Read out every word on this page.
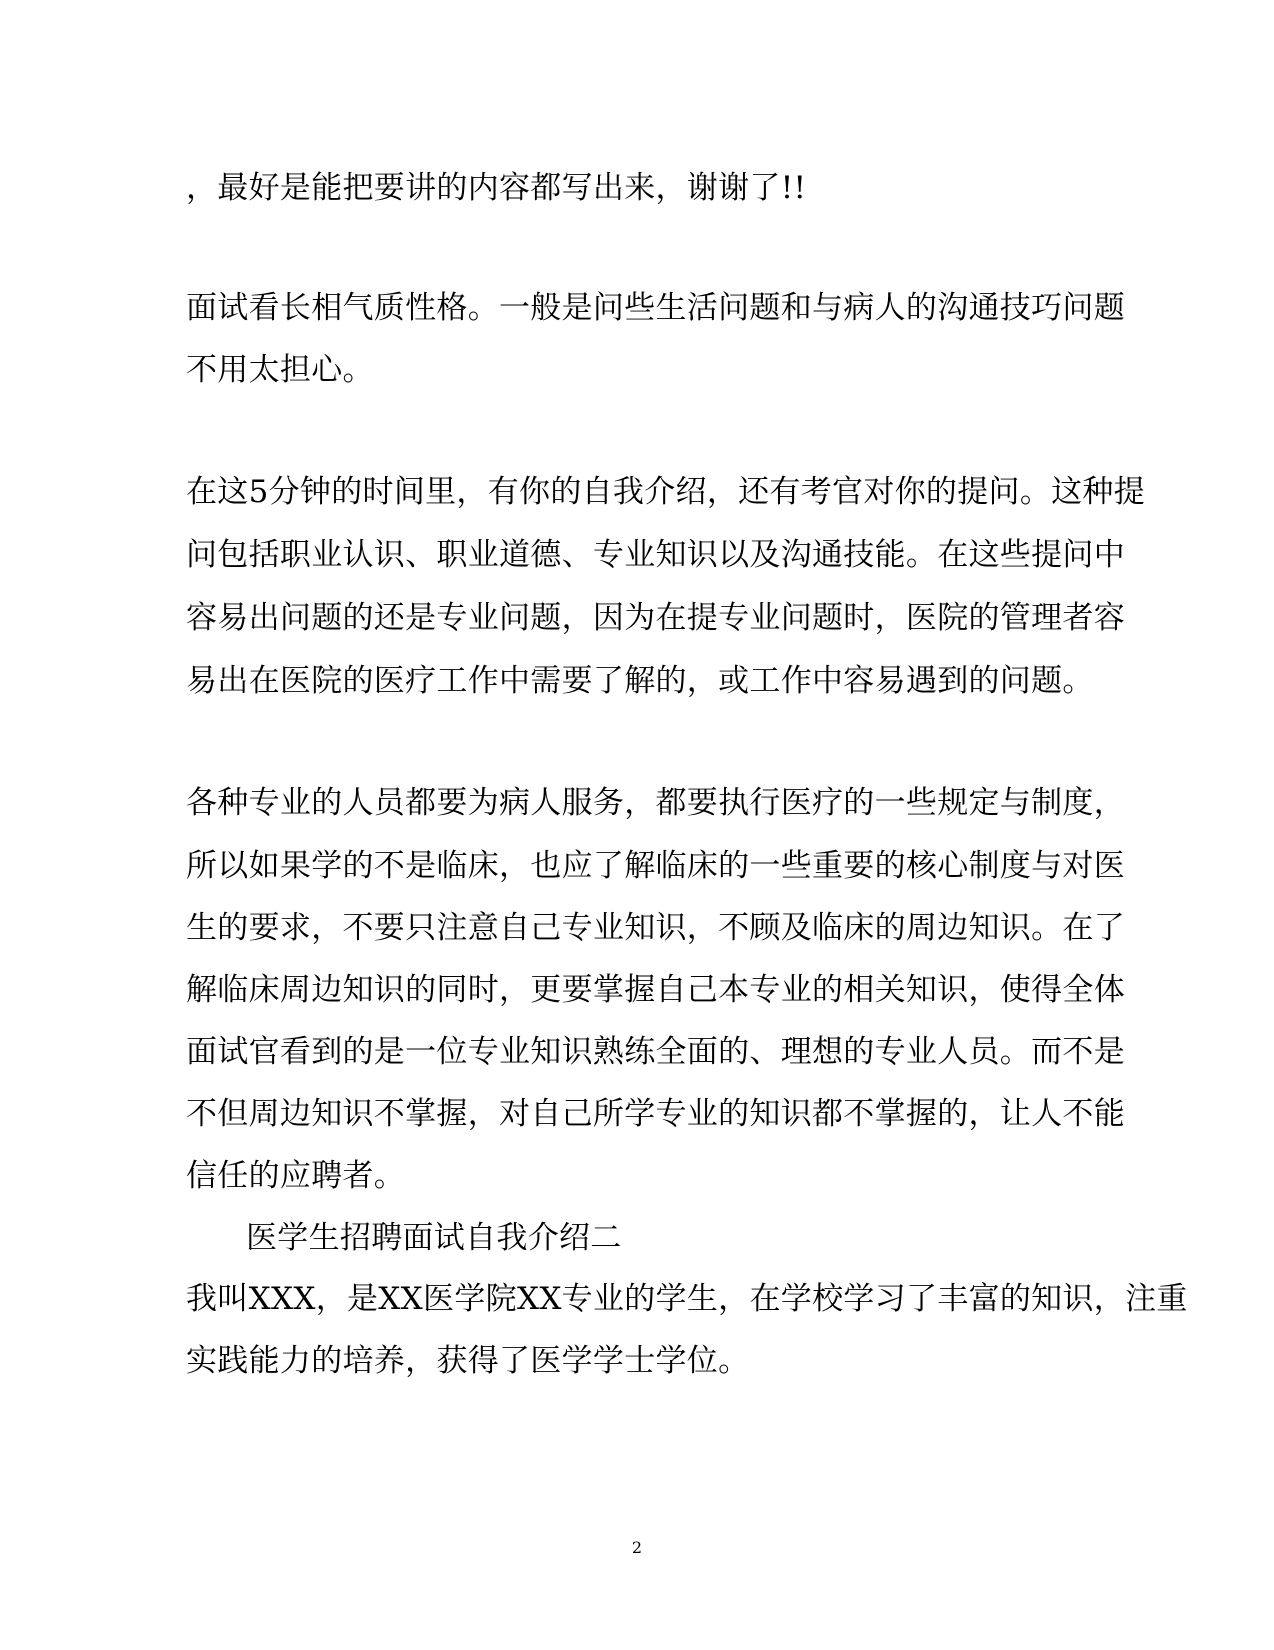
，最好是能把要讲的内容都写出来，谢谢了!!
面试看长相气质性格。一般是问些生活问题和与病人的沟通技巧问题
不用太担心。
在这5分钟的时间里，有你的自我介绍，还有考官对你的提问。这种提
问包括职业认识、职业道德、专业知识以及沟通技能。在这些提问中
容易出问题的还是专业问题，因为在提专业问题时，医院的管理者容
易出在医院的医疗工作中需要了解的，或工作中容易遇到的问题。
各种专业的人员都要为病人服务，都要执行医疗的一些规定与制度，
所以如果学的不是临床，也应了解临床的一些重要的核心制度与对医
生的要求，不要只注意自己专业知识，不顾及临床的周边知识。在了
解临床周边知识的同时，更要掌握自己本专业的相关知识，使得全体
面试官看到的是一位专业知识熟练全面的、理想的专业人员。而不是
不但周边知识不掌握，对自己所学专业的知识都不掌握的，让人不能
信任的应聘者。
医学生招聘面试自我介绍二
我叫XXX，是XX医学院XX专业的学生，在学校学习了丰富的知识，注重
实践能力的培养，获得了医学学士学位。
2
